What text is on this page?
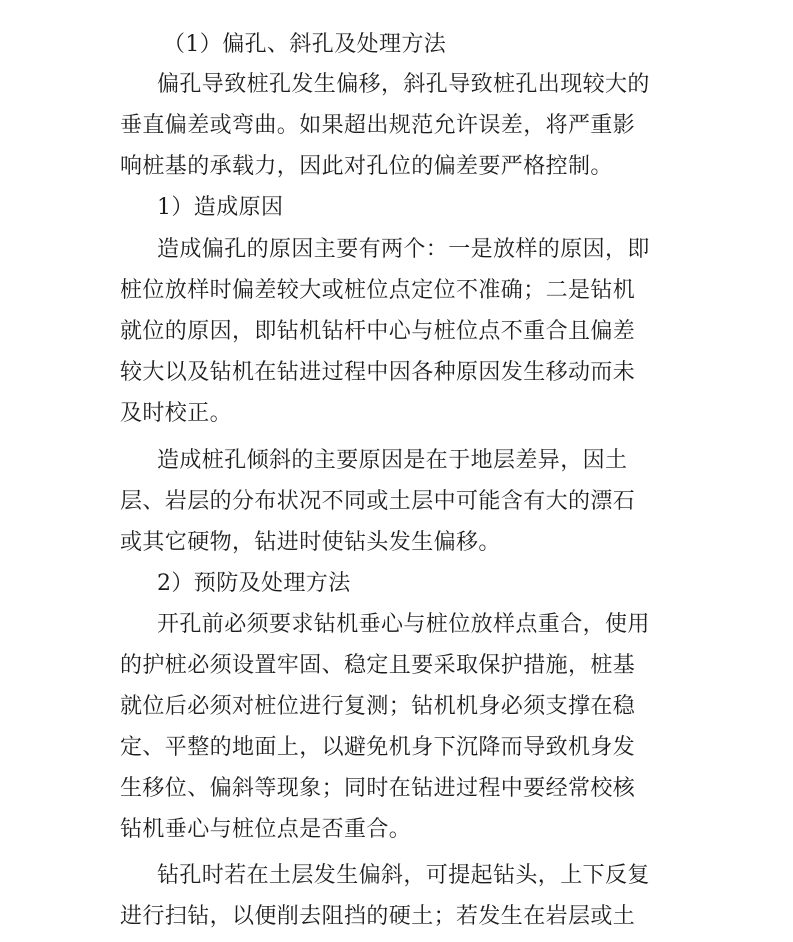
（1）偏孔、斜孔及处理方法
偏孔导致桩孔发生偏移，斜孔导致桩孔出现较大的
垂直偏差或弯曲。如果超出规范允许误差，将严重影
响桩基的承载力，因此对孔位的偏差要严格控制。
1）造成原因
造成偏孔的原因主要有两个：一是放样的原因，即
桩位放样时偏差较大或桩位点定位不准确；二是钻机
就位的原因，即钻机钻杆中心与桩位点不重合且偏差
较大以及钻机在钻进过程中因各种原因发生移动而未
及时校正。
造成桩孔倾斜的主要原因是在于地层差异，因土
层、岩层的分布状况不同或土层中可能含有大的漂石
或其它硬物，钻进时使钻头发生偏移。
2）预防及处理方法
开孔前必须要求钻机垂心与桩位放样点重合，使用
的护桩必须设置牢固、稳定且要采取保护措施，桩基
就位后必须对桩位进行复测；钻机机身必须支撑在稳
定、平整的地面上，以避免机身下沉降而导致机身发
生移位、偏斜等现象；同时在钻进过程中要经常校核
钻机垂心与桩位点是否重合。
钻孔时若在土层发生偏斜，可提起钻头，上下反复
进行扫钻，以便削去阻挡的硬土；若发生在岩层或土
